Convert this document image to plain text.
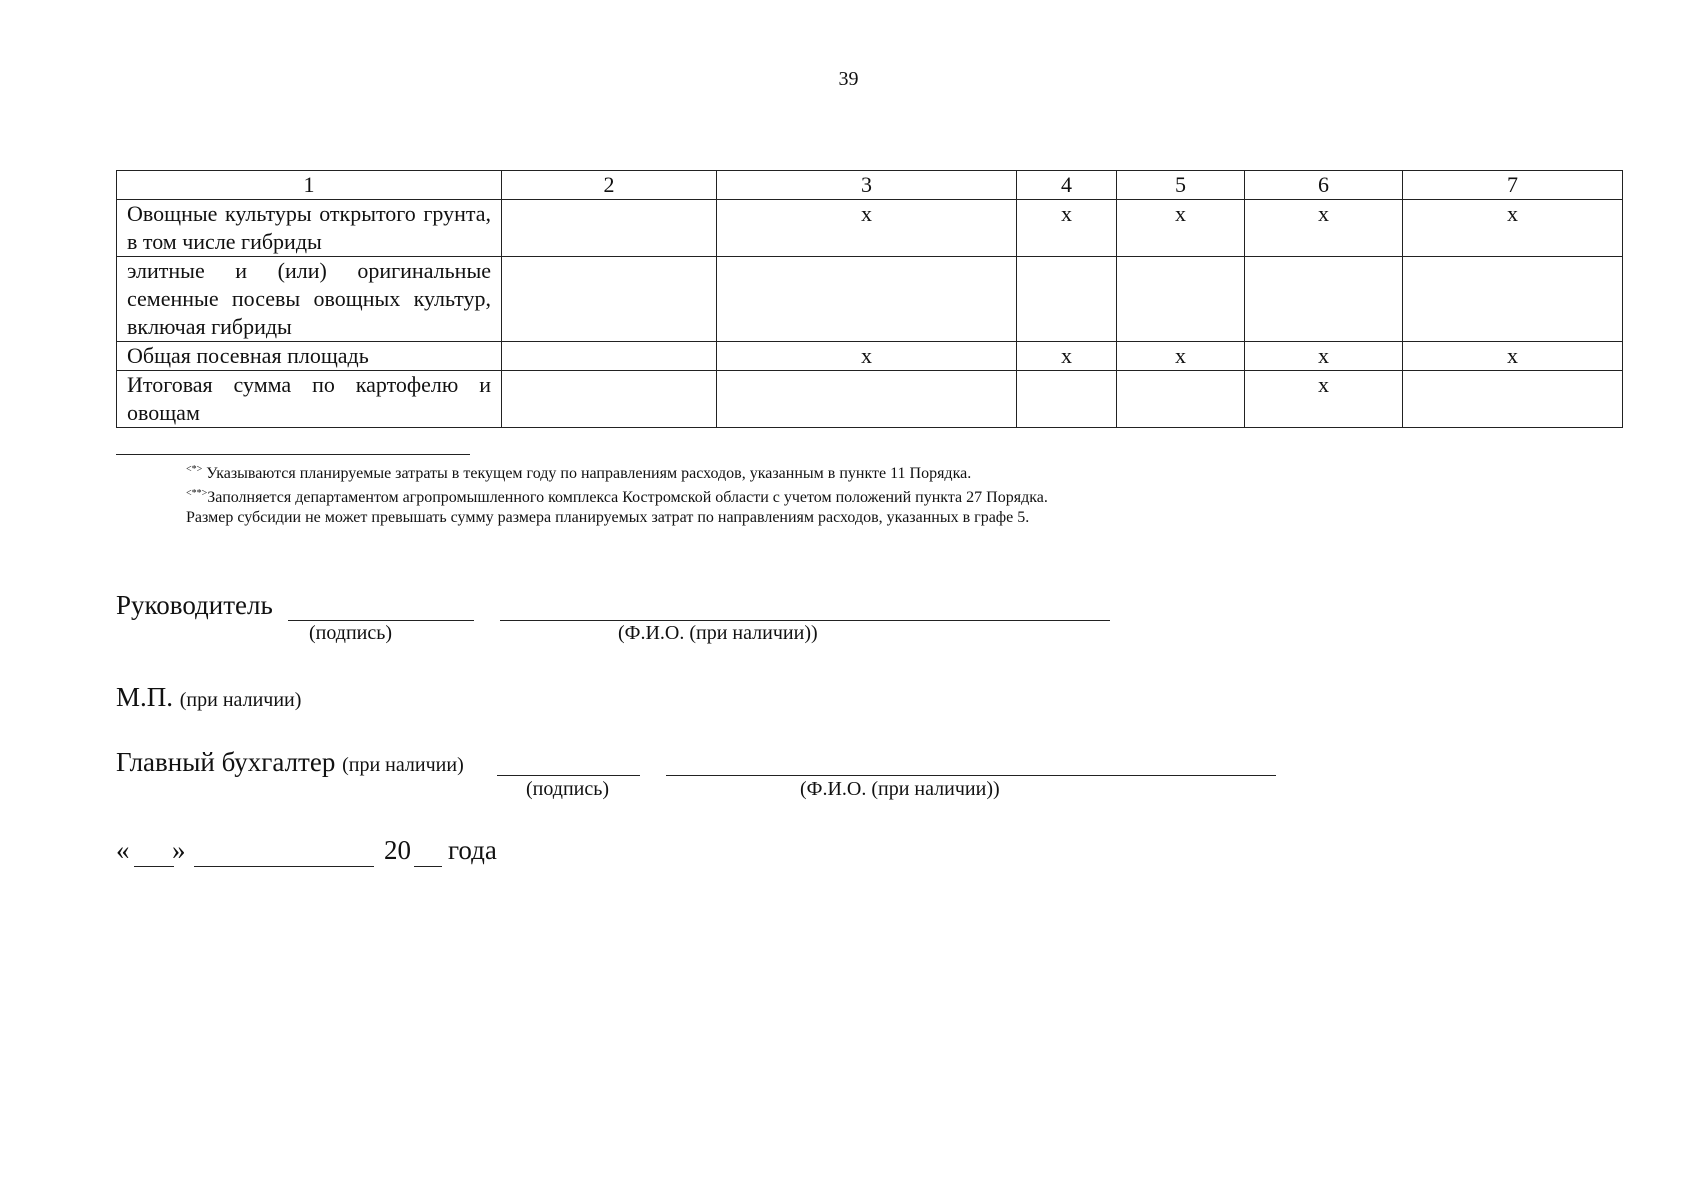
39
1	2	3	4	5	6	7
Овощные культуры открытого грунта, в том числе гибриды		х	х	х	х	х
элитные и (или) оригинальные семенные посевы овощных культур, включая гибриды						
Общая посевная площадь		х	х	х	х	х
Итоговая сумма по картофелю и овощам					х	
<*> Указываются планируемые затраты в текущем году по направлениям расходов, указанным в пункте 11 Порядка.
<**>Заполняется департаментом агропромышленного комплекса Костромской области с учетом положений пункта 27 Порядка.
Размер субсидии не может превышать сумму размера планируемых затрат по направлениям расходов, указанных в графе 5.
Руководитель
(подпись)	(Ф.И.О. (при наличии))
М.П. (при наличии)
Главный бухгалтер (при наличии)
(подпись)	(Ф.И.О. (при наличии))
« »	20 года
